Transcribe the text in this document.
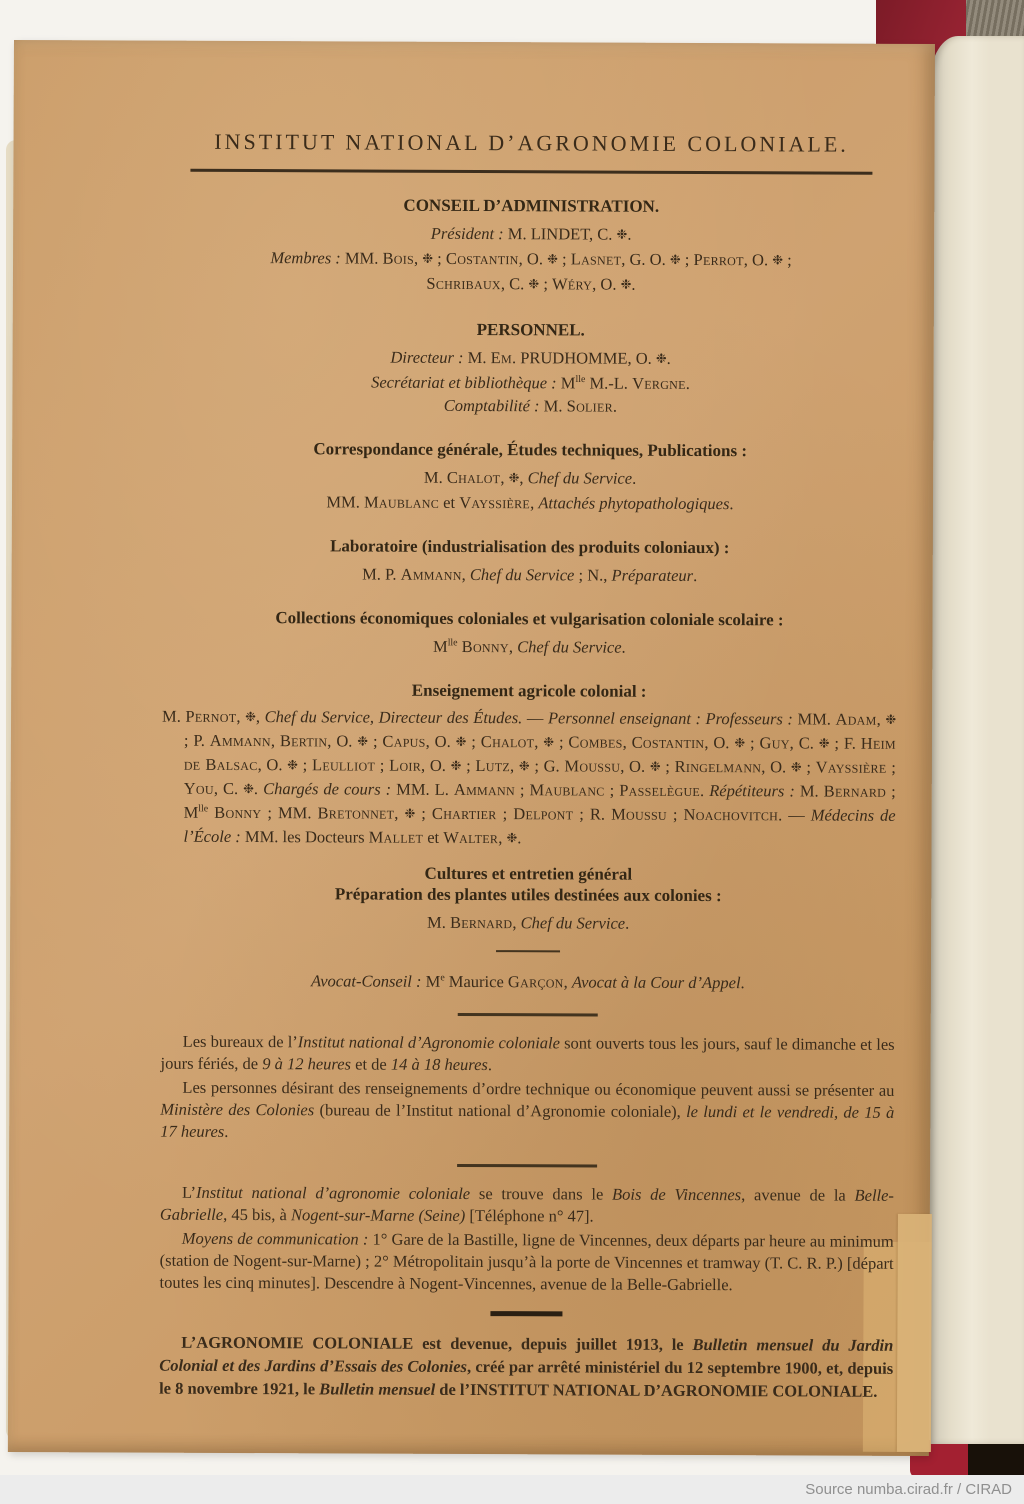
INSTITUT NATIONAL D’AGRONOMIE COLONIALE.
CONSEIL D’ADMINISTRATION.
Président : M. LINDET, C. ❉.
Membres : MM. Bois, ❉ ; Costantin, O. ❉ ; Lasnet, G. O. ❉ ; Perrot, O. ❉ ;
Schribaux, C. ❉ ; Wéry, O. ❉.
PERSONNEL.
Directeur : M. Em. PRUDHOMME, O. ❉.
Secrétariat et bibliothèque : $M^{lle}$ M.-L. Vergne.
Comptabilité : M. Solier.
Correspondance générale, Études techniques, Publications :
M. Chalot, ❉, Chef du Service.
MM. Maublanc et Vayssière, Attachés phytopathologiques.
Laboratoire (industrialisation des produits coloniaux) :
M. P. Ammann, Chef du Service ; N., Préparateur.
Collections économiques coloniales et vulgarisation coloniale scolaire :
$M^{lle}$ Bonny, Chef du Service.
Enseignement agricole colonial :
M. Pernot, ❉, Chef du Service, Directeur des Études. — Personnel enseignant : Professeurs : MM. Adam, ❉ ; P. Ammann, Bertin, O. ❉ ; Capus, O. ❉ ; Chalot, ❉ ; Combes, Costantin, O. ❉ ; Guy, C. ❉ ; F. Heim de Balsac, O. ❉ ; Leulliot ; Loir, O. ❉ ; Lutz, ❉ ; G. Moussu, O. ❉ ; Ringelmann, O. ❉ ; Vayssière ; You, C. ❉. Chargés de cours : MM. L. Ammann ; Maublanc ; Passelègue. Répétiteurs : M. Bernard ; $M^{lle}$ Bonny ; MM. Bretonnet, ❉ ; Chartier ; Delpont ; R. Moussu ; Noachovitch. — Médecins de l’École : MM. les Docteurs Mallet et Walter, ❉.
Cultures et entretien général
Préparation des plantes utiles destinées aux colonies :
M. Bernard, Chef du Service.
Avocat-Conseil : Me Maurice Garçon, Avocat à la Cour d’Appel.
Les bureaux de l’Institut national d’Agronomie coloniale sont ouverts tous les jours, sauf le dimanche et les jours fériés, de 9 à 12 heures et de 14 à 18 heures.
Les personnes désirant des renseignements d’ordre technique ou économique peuvent aussi se présenter au Ministère des Colonies (bureau de l’Institut national d’Agronomie coloniale), le lundi et le vendredi, de 15 à 17 heures.
L’Institut national d’agronomie coloniale se trouve dans le Bois de Vincennes, avenue de la Belle-Gabrielle, 45 bis, à Nogent-sur-Marne (Seine) [Téléphone n° 47].
Moyens de communication : 1° Gare de la Bastille, ligne de Vincennes, deux départs par heure au minimum (station de Nogent-sur-Marne) ; 2° Métropolitain jusqu’à la porte de Vincennes et tramway (T. C. R. P.) [départ toutes les cinq minutes]. Descendre à Nogent-Vincennes, avenue de la Belle-Gabrielle.
L’AGRONOMIE COLONIALE est devenue, depuis juillet 1913, le Bulletin mensuel du Jardin Colonial et des Jardins d’Essais des Colonies, créé par arrêté ministériel du 12 septembre 1900, et, depuis le 8 novembre 1921, le Bulletin mensuel de l’INSTITUT NATIONAL D’AGRONOMIE COLONIALE.
Source numba.cirad.fr / CIRAD
